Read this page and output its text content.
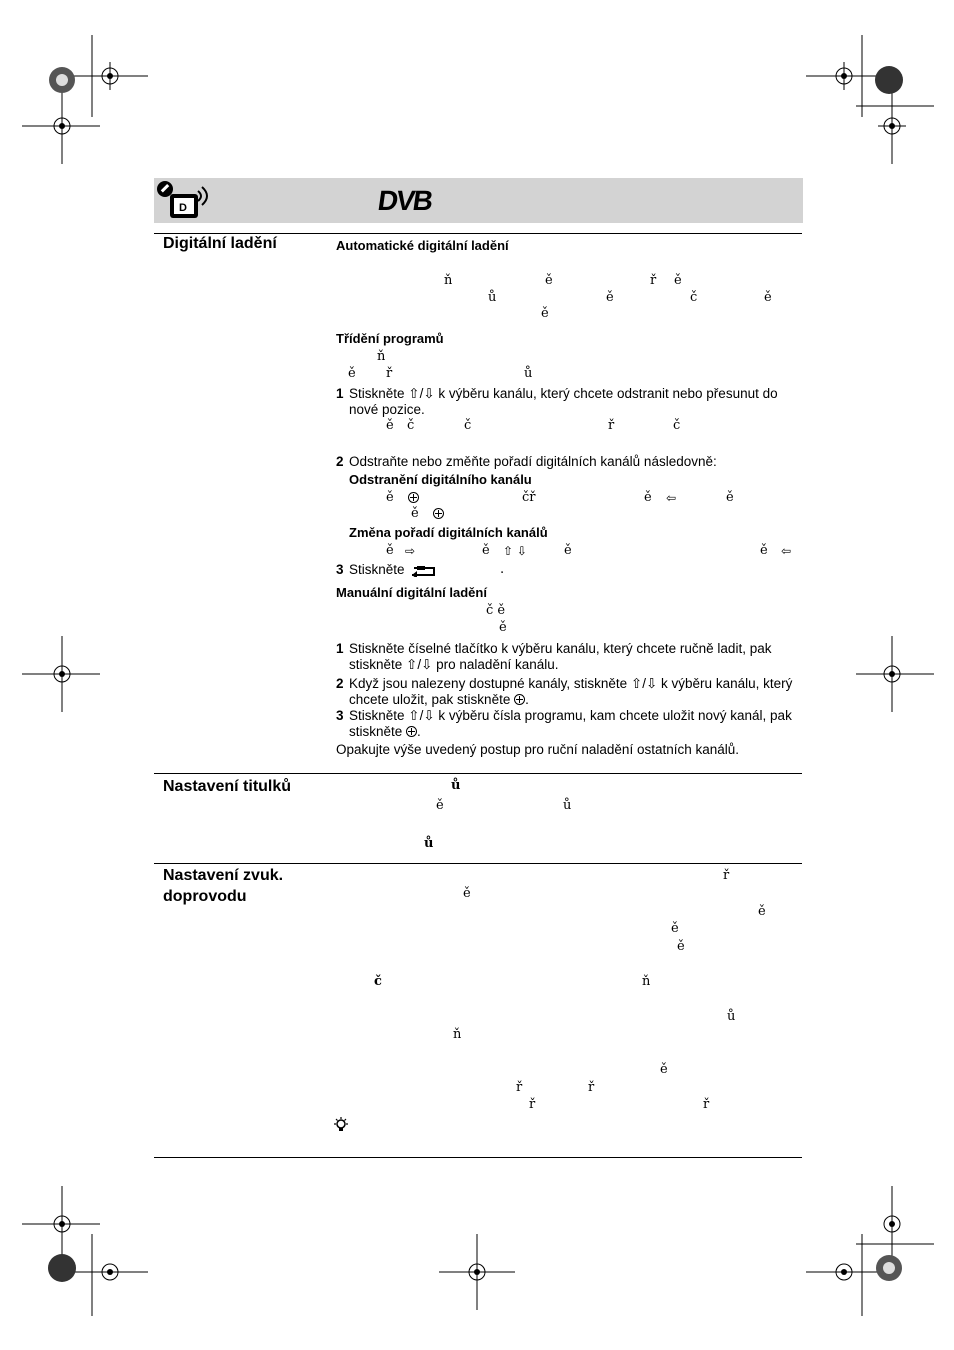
D	DVB
Digitální ladění	Automatické digitální ladění
ň	ě	ř ě
ů	ě	č	ě
ě
Třídění programů
ň
ě ř	ů
1 Stiskněte ⇧/⇩ k výběru kanálu, který chcete odstranit nebo přesunut do nové pozice.
ě č	č	ř	č
2 Odstraňte nebo změňte pořadí digitálních kanálů následovně:
Odstranění digitálního kanálu
ě	čř	ě ⇦	ě
ě
Změna pořadí digitálních kanálů
ě ⇨	ě ⇧ ⇩	ě	ě ⇦
3 Stiskněte	.
Manuální digitální ladění
č ě
ě
1 Stiskněte číselné tlačítko k výběru kanálu, který chcete ručně ladit, pak stiskněte ⇧/⇩ pro naladění kanálu.
2 Když jsou nalezeny dostupné kanály, stiskněte ⇧/⇩ k výběru kanálu, který chcete uložit, pak stiskněte .
3 Stiskněte ⇧/⇩ k výběru čísla programu, kam chcete uložit nový kanál, pak stiskněte .
Opakujte výše uvedený postup pro ruční naladění ostatních kanálů.
Nastavení titulků	ů
ě	ů
ů
Nastavení zvuk.
doprovodu
ř
ě
ě
ě
ě
č	ň
ů
ň
ě
ř	ř
ř	ř
